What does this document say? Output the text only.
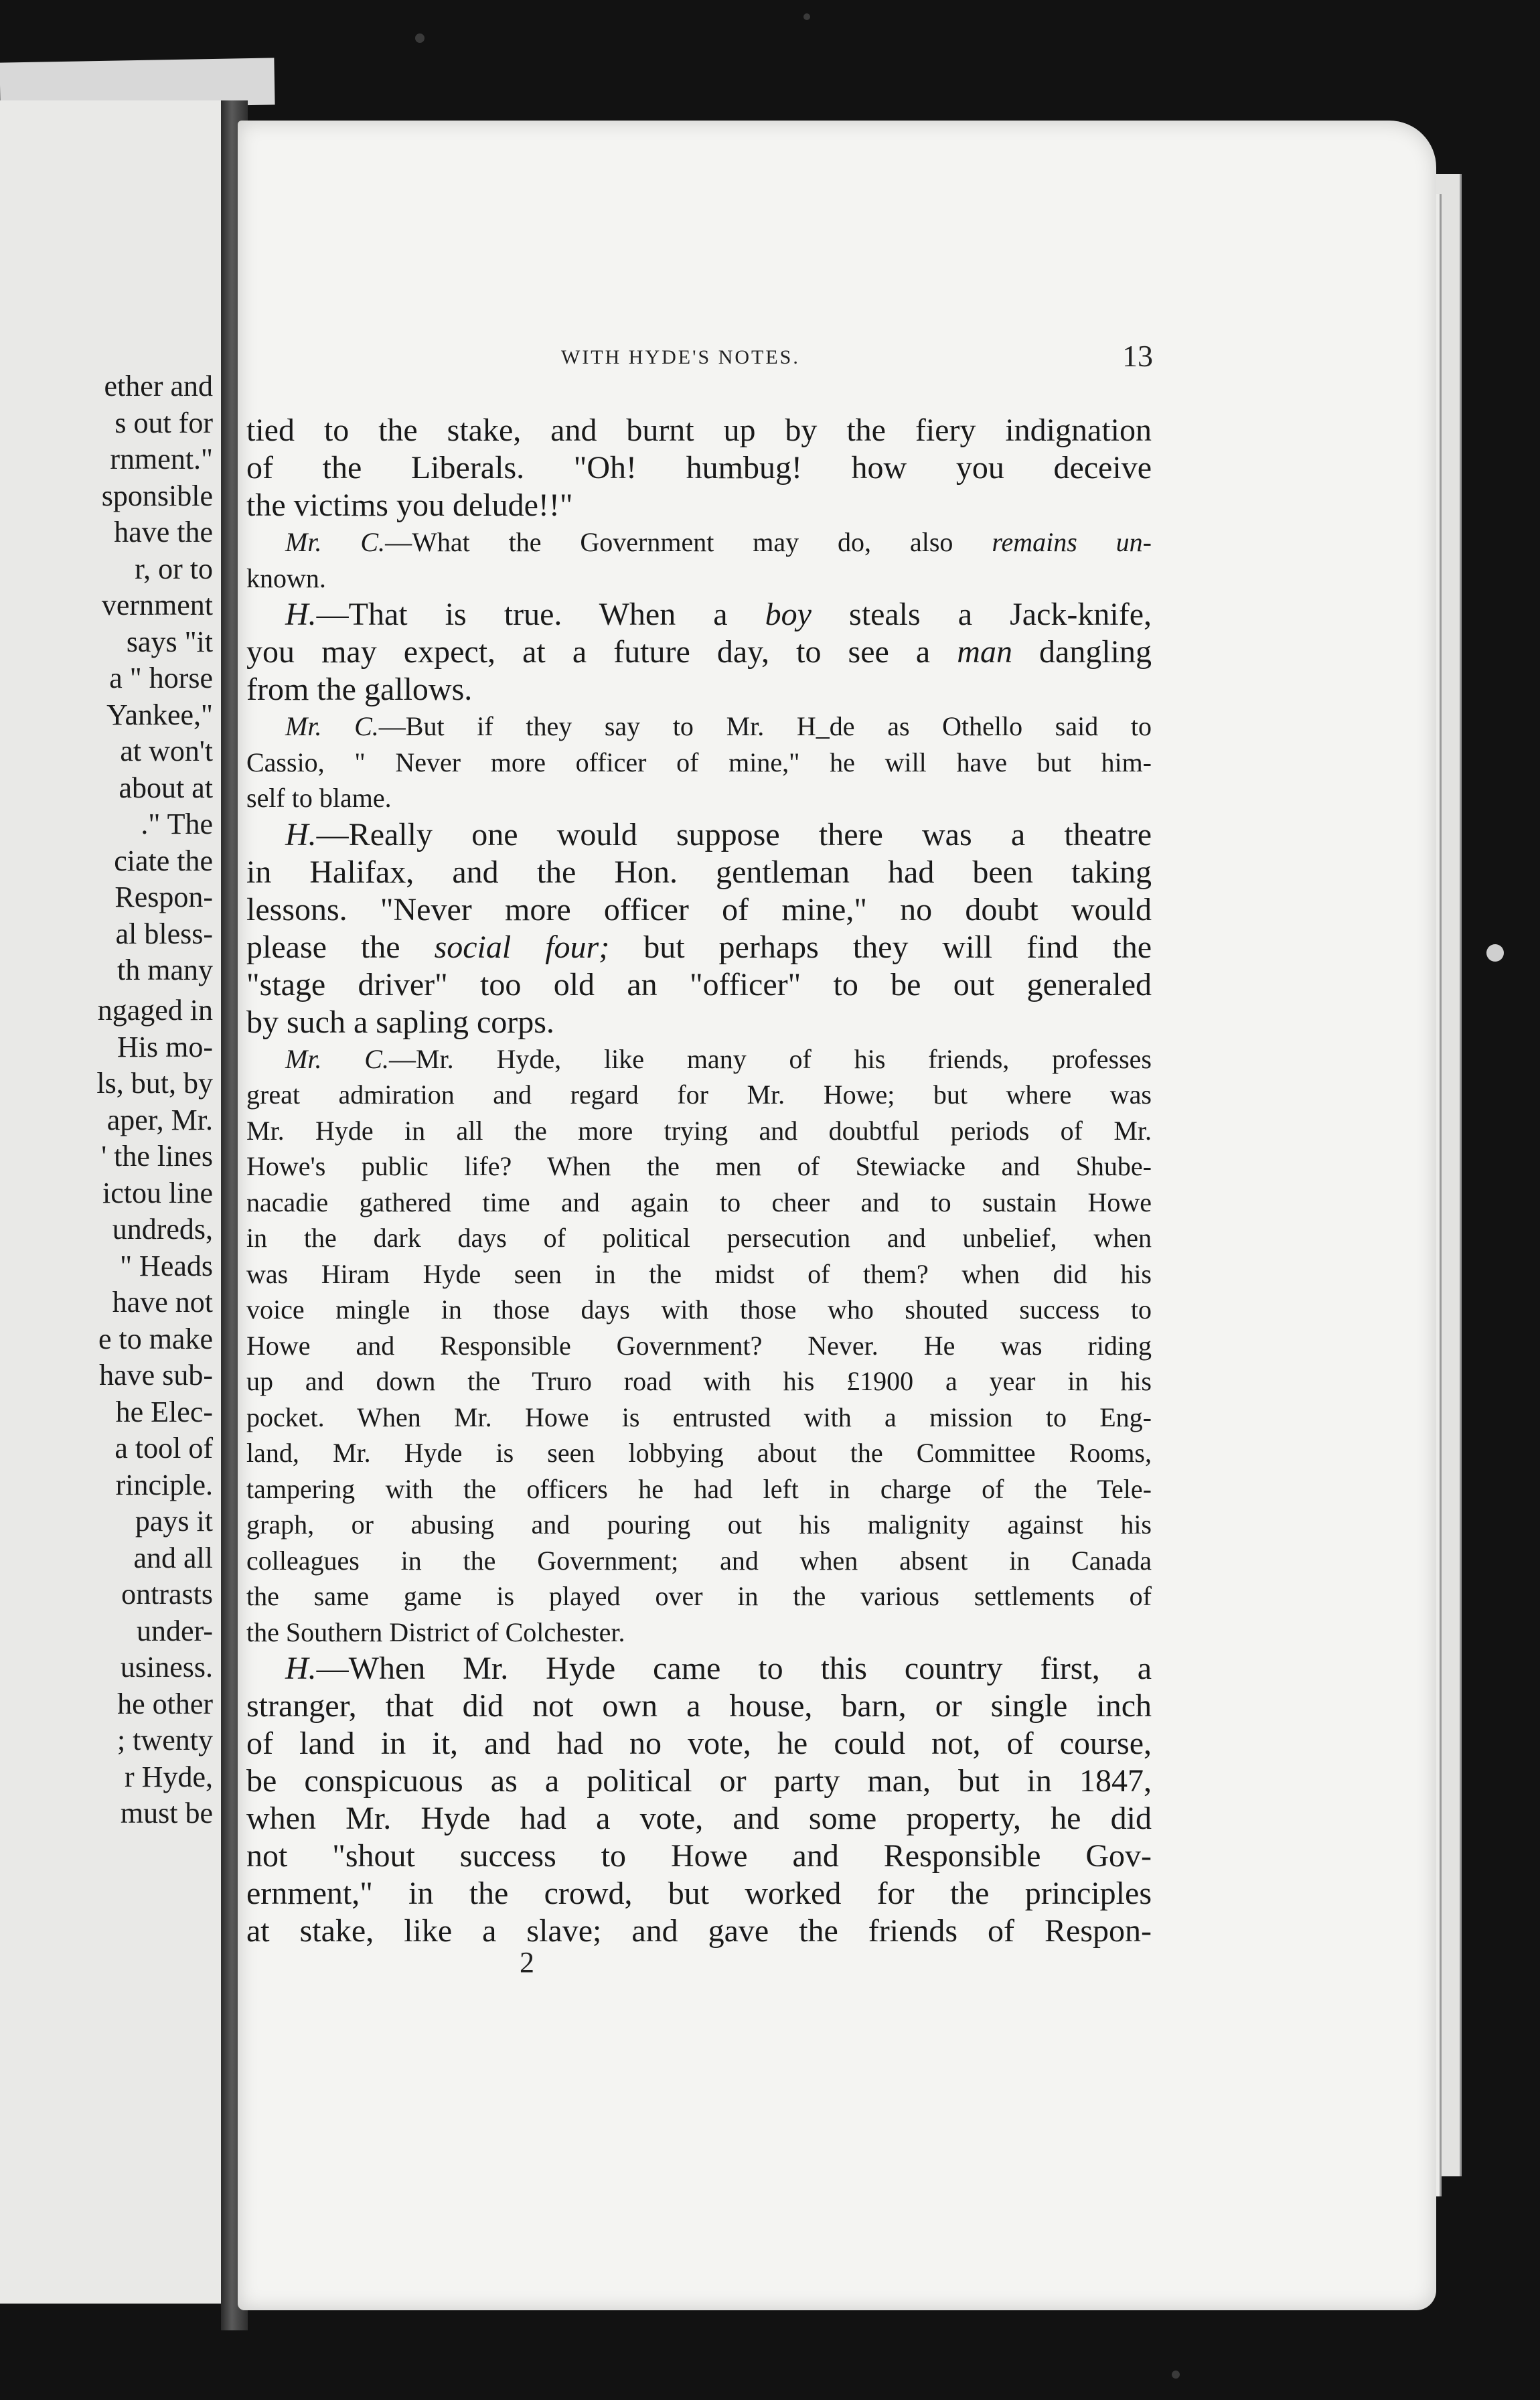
ether and
s out for
rnment."
sponsible
have the
r, or to
vernment
says "it
a " horse
Yankee,"
at won't
about at
." The
ciate the
Respon-
al bless-
th many
ngaged in
His mo-
ls, but, by
aper, Mr.
' the lines
ictou line
undreds,
" Heads
have not
e to make
have sub-
he Elec-
a tool of
rinciple.
pays it
and all
ontrasts
under-
usiness.
he other
; twenty
r Hyde,
must be
WITH HYDE'S NOTES.	13
tied to the stake, and burnt up by the fiery indignation
of the Liberals. "Oh! humbug! how you deceive
the victims you delude!!"
Mr. C.—What the Government may do, also remains un-
known.
H.—That is true. When a boy steals a Jack-knife,
you may expect, at a future day, to see a man dangling
from the gallows.
Mr. C.—But if they say to Mr. H_de as Othello said to
Cassio, " Never more officer of mine," he will have but him-
self to blame.
H.—Really one would suppose there was a theatre
in Halifax, and the Hon. gentleman had been taking
lessons. "Never more officer of mine," no doubt would
please the social four; but perhaps they will find the
"stage driver" too old an "officer" to be out generaled
by such a sapling corps.
Mr. C.—Mr. Hyde, like many of his friends, professes
great admiration and regard for Mr. Howe; but where was
Mr. Hyde in all the more trying and doubtful periods of Mr.
Howe's public life? When the men of Stewiacke and Shube-
nacadie gathered time and again to cheer and to sustain Howe
in the dark days of political persecution and unbelief, when
was Hiram Hyde seen in the midst of them? when did his
voice mingle in those days with those who shouted success to
Howe and Responsible Government? Never. He was riding
up and down the Truro road with his £1900 a year in his
pocket. When Mr. Howe is entrusted with a mission to Eng-
land, Mr. Hyde is seen lobbying about the Committee Rooms,
tampering with the officers he had left in charge of the Tele-
graph, or abusing and pouring out his malignity against his
colleagues in the Government; and when absent in Canada
the same game is played over in the various settlements of
the Southern District of Colchester.
H.—When Mr. Hyde came to this country first, a
stranger, that did not own a house, barn, or single inch
of land in it, and had no vote, he could not, of course,
be conspicuous as a political or party man, but in 1847,
when Mr. Hyde had a vote, and some property, he did
not "shout success to Howe and Responsible Gov-
ernment," in the crowd, but worked for the principles
at stake, like a slave; and gave the friends of Respon-
2
